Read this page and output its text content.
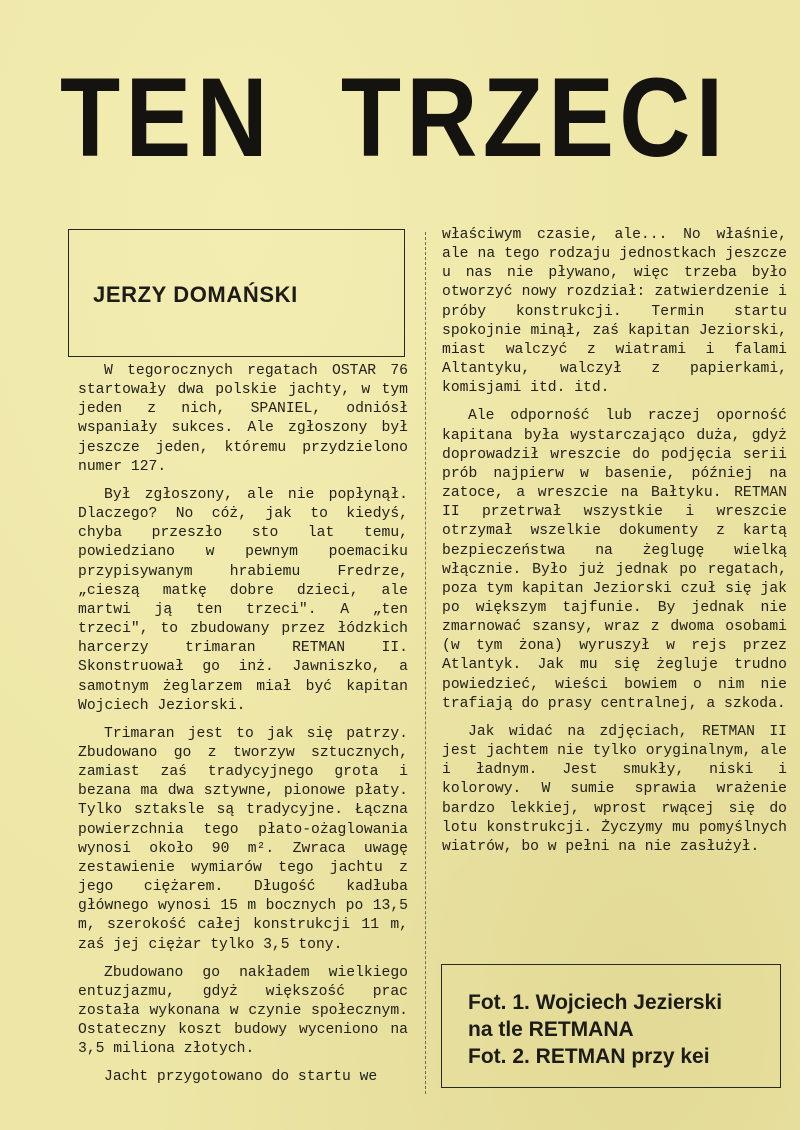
TEN TRZECI
JERZY DOMAŃSKI

W tegorocznych regatach OSTAR 76 startowały dwa polskie jachty, w tym jeden z nich, SPANIEL, odniósł wspaniały sukces. Ale zgłoszony był jeszcze jeden, któremu przydzielono numer 127.

Był zgłoszony, ale nie popłynął. Dlaczego? No cóż, jak to kiedyś, chyba przeszło sto lat temu, powiedziano w pewnym poemaciku przypisywanym hrabiemu Fredrze, „cieszą matkę dobre dzieci, ale martwi ją ten trzeci". A „ten trzeci", to zbudowany przez łódzkich harcerzy trimaran RETMAN II. Skonstruował go inż. Jawniszko, a samotnym żeglarzem miał być kapitan Wojciech Jeziorski.

Trimaran jest to jak się patrzy. Zbudowano go z tworzyw sztucznych, zamiast zaś tradycyjnego grota i bezana ma dwa sztywne, pionowe płaty. Tylko sztaksle są tradycyjne. Łączna powierzchnia tego płato-ożaglowania wynosi około 90 m². Zwraca uwagę zestawienie wymiarów tego jachtu z jego ciężarem. Długość kadłuba głównego wynosi 15 m bocznych po 13,5 m, szerokość całej konstrukcji 11 m, zaś jej ciężar tylko 3,5 tony.

Zbudowano go nakładem wielkiego entuzjazmu, gdyż większość prac została wykonana w czynie społecznym. Ostateczny koszt budowy wyceniono na 3,5 miliona złotych.

Jacht przygotowano do startu we

właściwym czasie, ale... No właśnie, ale na tego rodzaju jednostkach jeszcze u nas nie pływano, więc trzeba było otworzyć nowy rozdział: zatwierdzenie i próby konstrukcji. Termin startu spokojnie minął, zaś kapitan Jeziorski, miast walczyć z wiatrami i falami Altantyku, walczył z papierkami, komisjami itd. itd.

Ale odporność lub raczej oporność kapitana była wystarczająco duża, gdyż doprowadził wreszcie do podjęcia serii prób najpierw w basenie, później na zatoce, a wreszcie na Bałtyku. RETMAN II przetrwał wszystkie i wreszcie otrzymał wszelkie dokumenty z kartą bezpieczeństwa na żeglugę wielką włącznie. Było już jednak po regatach, poza tym kapitan Jeziorski czuł się jak po większym tajfunie. By jednak nie zmarnować szansy, wraz z dwoma osobami (w tym żona) wyruszył w rejs przez Atlantyk. Jak mu się żegluje trudno powiedzieć, wieści bowiem o nim nie trafiają do prasy centralnej, a szkoda.

Jak widać na zdjęciach, RETMAN II jest jachtem nie tylko oryginalnym, ale i ładnym. Jest smukły, niski i kolorowy. W sumie sprawia wrażenie bardzo lekkiej, wprost rwącej się do lotu konstrukcji. Życzymy mu pomyślnych wiatrów, bo w pełni na nie zasłużył.

Fot. 1. Wojciech Jezierski
na tle RETMANA
Fot. 2. RETMAN przy kei
